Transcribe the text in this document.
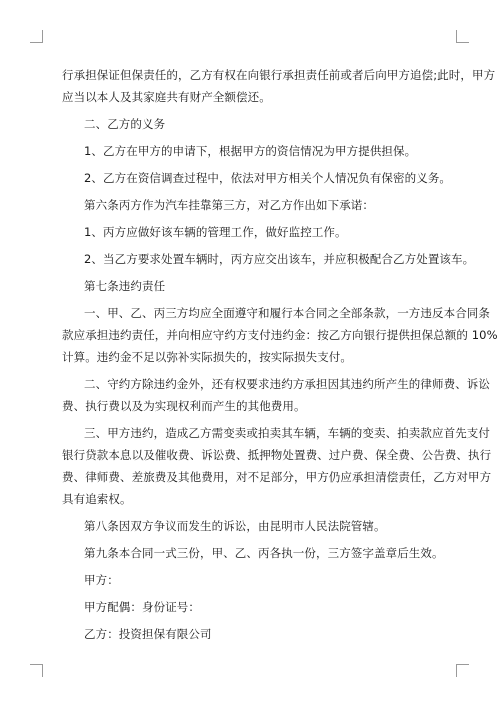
行承担保证但保责任的，乙方有权在向银行承担责任前或者后向甲方追偿;此时，甲方
应当以本人及其家庭共有财产全额偿还。
二、乙方的义务
1、乙方在甲方的申请下，根据甲方的资信情况为甲方提供担保。
2、乙方在资信调查过程中，依法对甲方相关个人情况负有保密的义务。
第六条丙方作为汽车挂靠第三方，对乙方作出如下承诺：
1、丙方应做好该车辆的管理工作，做好监控工作。
2、当乙方要求处置车辆时，丙方应交出该车，并应积极配合乙方处置该车。
第七条违约责任
一、甲、乙、丙三方均应全面遵守和履行本合同之全部条款，一方违反本合同条
款应承担违约责任，并向相应守约方支付违约金：按乙方向银行提供担保总额的 10%
计算。违约金不足以弥补实际损失的，按实际损失支付。
二、守约方除违约金外，还有权要求违约方承担因其违约所产生的律师费、诉讼
费、执行费以及为实现权利而产生的其他费用。
三、甲方违约，造成乙方需变卖或拍卖其车辆，车辆的变卖、拍卖款应首先支付
银行贷款本息以及催收费、诉讼费、抵押物处置费、过户费、保全费、公告费、执行
费、律师费、差旅费及其他费用，对不足部分，甲方仍应承担清偿责任，乙方对甲方
具有追索权。
第八条因双方争议而发生的诉讼，由昆明市人民法院管辖。
第九条本合同一式三份，甲、乙、丙各执一份，三方签字盖章后生效。
甲方：
甲方配偶：身份证号：
乙方：投资担保有限公司
